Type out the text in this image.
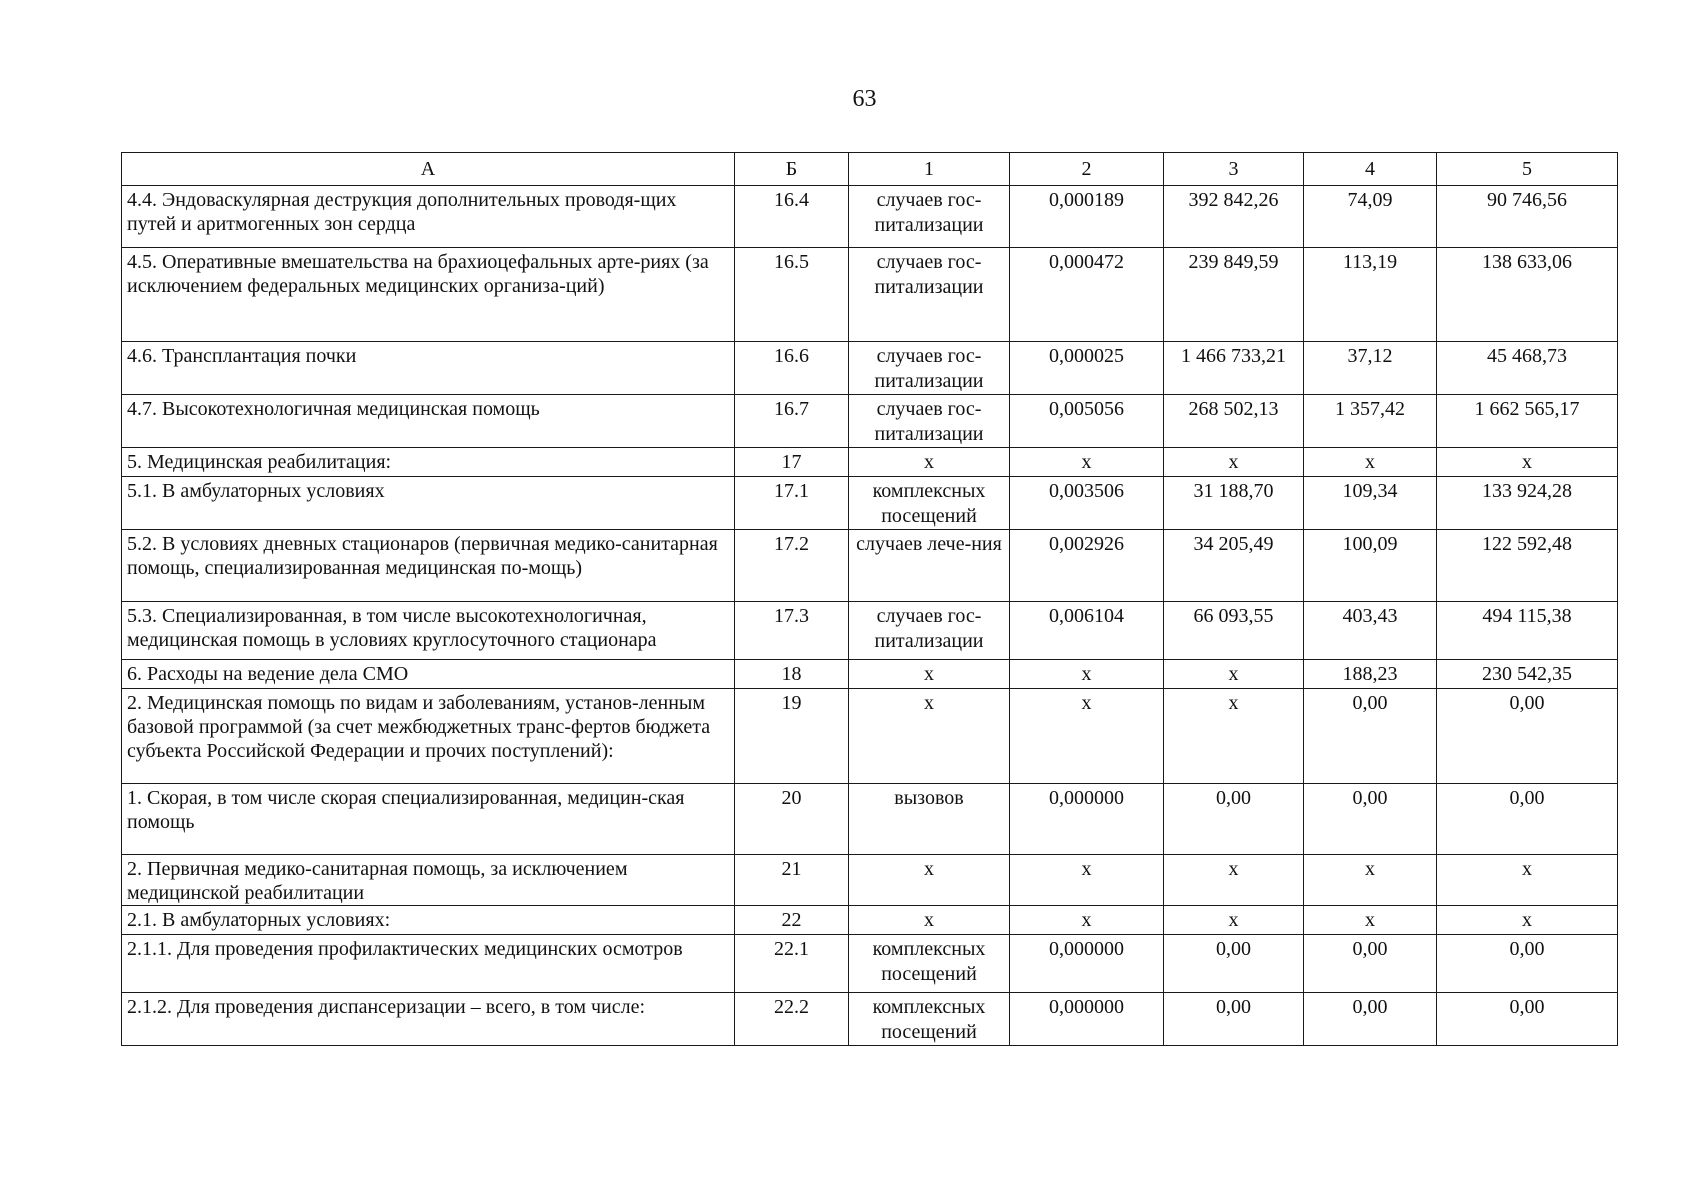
63
А	Б	1	2	3	4	5
4.4. Эндоваскулярная деструкция дополнительных проводя-щих путей и аритмогенных зон сердца	16.4	случаев гос-питализации	0,000189	392 842,26	74,09	90 746,56
4.5. Оперативные вмешательства на брахиоцефальных арте-риях (за исключением федеральных медицинских организа-ций)	16.5	случаев гос-питализации	0,000472	239 849,59	113,19	138 633,06
4.6. Трансплантация почки	16.6	случаев гос-питализации	0,000025	1 466 733,21	37,12	45 468,73
4.7. Высокотехнологичная медицинская помощь	16.7	случаев гос-питализации	0,005056	268 502,13	1 357,42	1 662 565,17
5. Медицинская реабилитация:	17	х	х	х	х	х
5.1. В амбулаторных условиях	17.1	комплексных посещений	0,003506	31 188,70	109,34	133 924,28
5.2. В условиях дневных стационаров (первичная медико-санитарная помощь, специализированная медицинская по-мощь)	17.2	случаев лече-ния	0,002926	34 205,49	100,09	122 592,48
5.3. Специализированная, в том числе высокотехнологичная, медицинская помощь в условиях круглосуточного стационара	17.3	случаев гос-питализации	0,006104	66 093,55	403,43	494 115,38
6. Расходы на ведение дела СМО	18	х	х	х	188,23	230 542,35
2. Медицинская помощь по видам и заболеваниям, установ-ленным базовой программой (за счет межбюджетных транс-фертов бюджета субъекта Российской Федерации и прочих поступлений):	19	х	х	х	0,00	0,00
1. Скорая, в том числе скорая специализированная, медицин-ская помощь	20	вызовов	0,000000	0,00	0,00	0,00
2. Первичная медико-санитарная помощь, за исключением медицинской реабилитации	21	х	х	х	х	х
2.1. В амбулаторных условиях:	22	х	х	х	х	х
2.1.1. Для проведения профилактических медицинских осмотров	22.1	комплексных посещений	0,000000	0,00	0,00	0,00
2.1.2. Для проведения диспансеризации – всего, в том числе:	22.2	комплексных посещений	0,000000	0,00	0,00	0,00
